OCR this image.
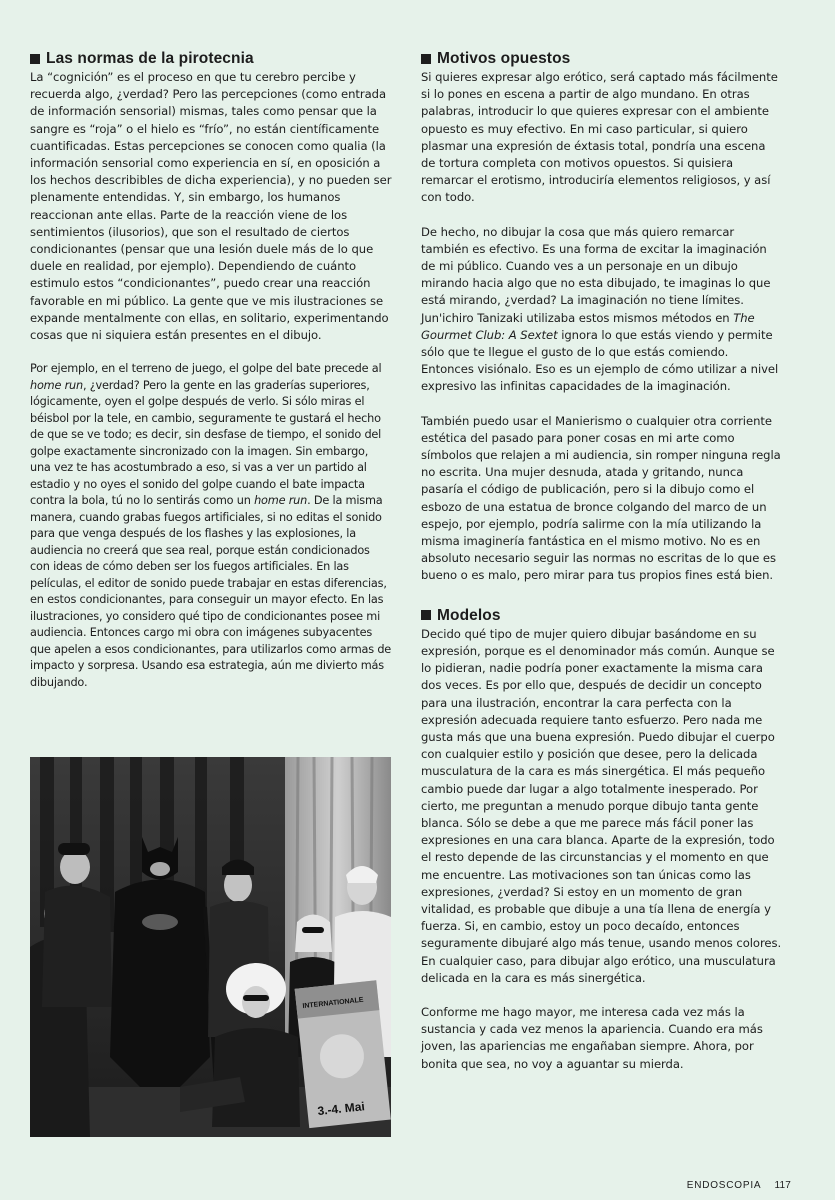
Las normas de la pirotecnia

La “cognición” es el proceso en que tu cerebro percibe y recuerda algo, ¿verdad? Pero las percepciones (como entrada de información sensorial) mismas, tales como pensar que la sangre es “roja” o el hielo es “frío”, no están científicamente cuantificadas. Estas percepciones se conocen como qualia (la información sensorial como experiencia en sí, en oposición a los hechos describibles de dicha experiencia), y no pueden ser plenamente entendidas. Y, sin embargo, los humanos reaccionan ante ellas. Parte de la reacción viene de los sentimientos (ilusorios), que son el resultado de ciertos condicionantes (pensar que una lesión duele más de lo que duele en realidad, por ejemplo). Dependiendo de cuánto estimulo estos “condicionantes”, puedo crear una reacción favorable en mi público. La gente que ve mis ilustraciones se expande mentalmente con ellas, en solitario, experimentando cosas que ni siquiera están presentes en el dibujo.

Por ejemplo, en el terreno de juego, el golpe del bate precede al home run, ¿verdad? Pero la gente en las graderías superiores, lógicamente, oyen el golpe después de verlo. Si sólo miras el béisbol por la tele, en cambio, seguramente te gustará el hecho de que se ve todo; es decir, sin desfase de tiempo, el sonido del golpe exactamente sincronizado con la imagen. Sin embargo, una vez te has acostumbrado a eso, si vas a ver un partido al estadio y no oyes el sonido del golpe cuando el bate impacta contra la bola, tú no lo sentirás como un home run. De la misma manera, cuando grabas fuegos artificiales, si no editas el sonido para que venga después de los flashes y las explosiones, la audiencia no creerá que sea real, porque están condicionados con ideas de cómo deben ser los fuegos artificiales. En las películas, el editor de sonido puede trabajar en estas diferencias, en estos condicionantes, para conseguir un mayor efecto. En las ilustraciones, yo considero qué tipo de condicionantes posee mi audiencia. Entonces cargo mi obra con imágenes subyacentes que apelen a esos condicionantes, para utilizarlos como armas de impacto y sorpresa. Usando esa estrategia, aún me divierto más dibujando.

INTERNATIONALE
3.-4. Mai
Motivos opuestos

Si quieres expresar algo erótico, será captado más fácilmente si lo pones en escena a partir de algo mundano. En otras palabras, introducir lo que quieres expresar con el ambiente opuesto es muy efectivo. En mi caso particular, si quiero plasmar una expresión de éxtasis total, pondría una escena de tortura completa con motivos opuestos. Si quisiera remarcar el erotismo, introduciría elementos religiosos, y así con todo.

De hecho, no dibujar la cosa que más quiero remarcar también es efectivo. Es una forma de excitar la imaginación de mi público. Cuando ves a un personaje en un dibujo mirando hacia algo que no esta dibujado, te imaginas lo que está mirando, ¿verdad? La imaginación no tiene límites. Jun'ichiro Tanizaki utilizaba estos mismos métodos en The Gourmet Club: A Sextet ignora lo que estás viendo y permite sólo que te llegue el gusto de lo que estás comiendo. Entonces visiónalo. Eso es un ejemplo de cómo utilizar a nivel expresivo las infinitas capacidades de la imaginación.

También puedo usar el Manierismo o cualquier otra corriente estética del pasado para poner cosas en mi arte como símbolos que relajen a mi audiencia, sin romper ninguna regla no escrita. Una mujer desnuda, atada y gritando, nunca pasaría el código de publicación, pero si la dibujo como el esbozo de una estatua de bronce colgando del marco de un espejo, por ejemplo, podría salirme con la mía utilizando la misma imaginería fantástica en el mismo motivo. No es en absoluto necesario seguir las normas no escritas de lo que es bueno o es malo, pero mirar para tus propios fines está bien.

Modelos

Decido qué tipo de mujer quiero dibujar basándome en su expresión, porque es el denominador más común. Aunque se lo pidieran, nadie podría poner exactamente la misma cara dos veces. Es por ello que, después de decidir un concepto para una ilustración, encontrar la cara perfecta con la expresión adecuada requiere tanto esfuerzo. Pero nada me gusta más que una buena expresión. Puedo dibujar el cuerpo con cualquier estilo y posición que desee, pero la delicada musculatura de la cara es más sinergética. El más pequeño cambio puede dar lugar a algo totalmente inesperado. Por cierto, me preguntan a menudo porque dibujo tanta gente blanca. Sólo se debe a que me parece más fácil poner las expresiones en una cara blanca. Aparte de la expresión, todo el resto depende de las circunstancias y el momento en que me encuentre. Las motivaciones son tan únicas como las expresiones, ¿verdad? Si estoy en un momento de gran vitalidad, es probable que dibuje a una tía llena de energía y fuerza. Si, en cambio, estoy un poco decaído, entonces seguramente dibujaré algo más tenue, usando menos colores. En cualquier caso, para dibujar algo erótico, una musculatura delicada en la cara es más sinergética.

Conforme me hago mayor, me interesa cada vez más la sustancia y cada vez menos la apariencia. Cuando era más joven, las apariencias me engañaban siempre. Ahora, por bonita que sea, no voy a aguantar su mierda.

ENDOSCOPIA 117
